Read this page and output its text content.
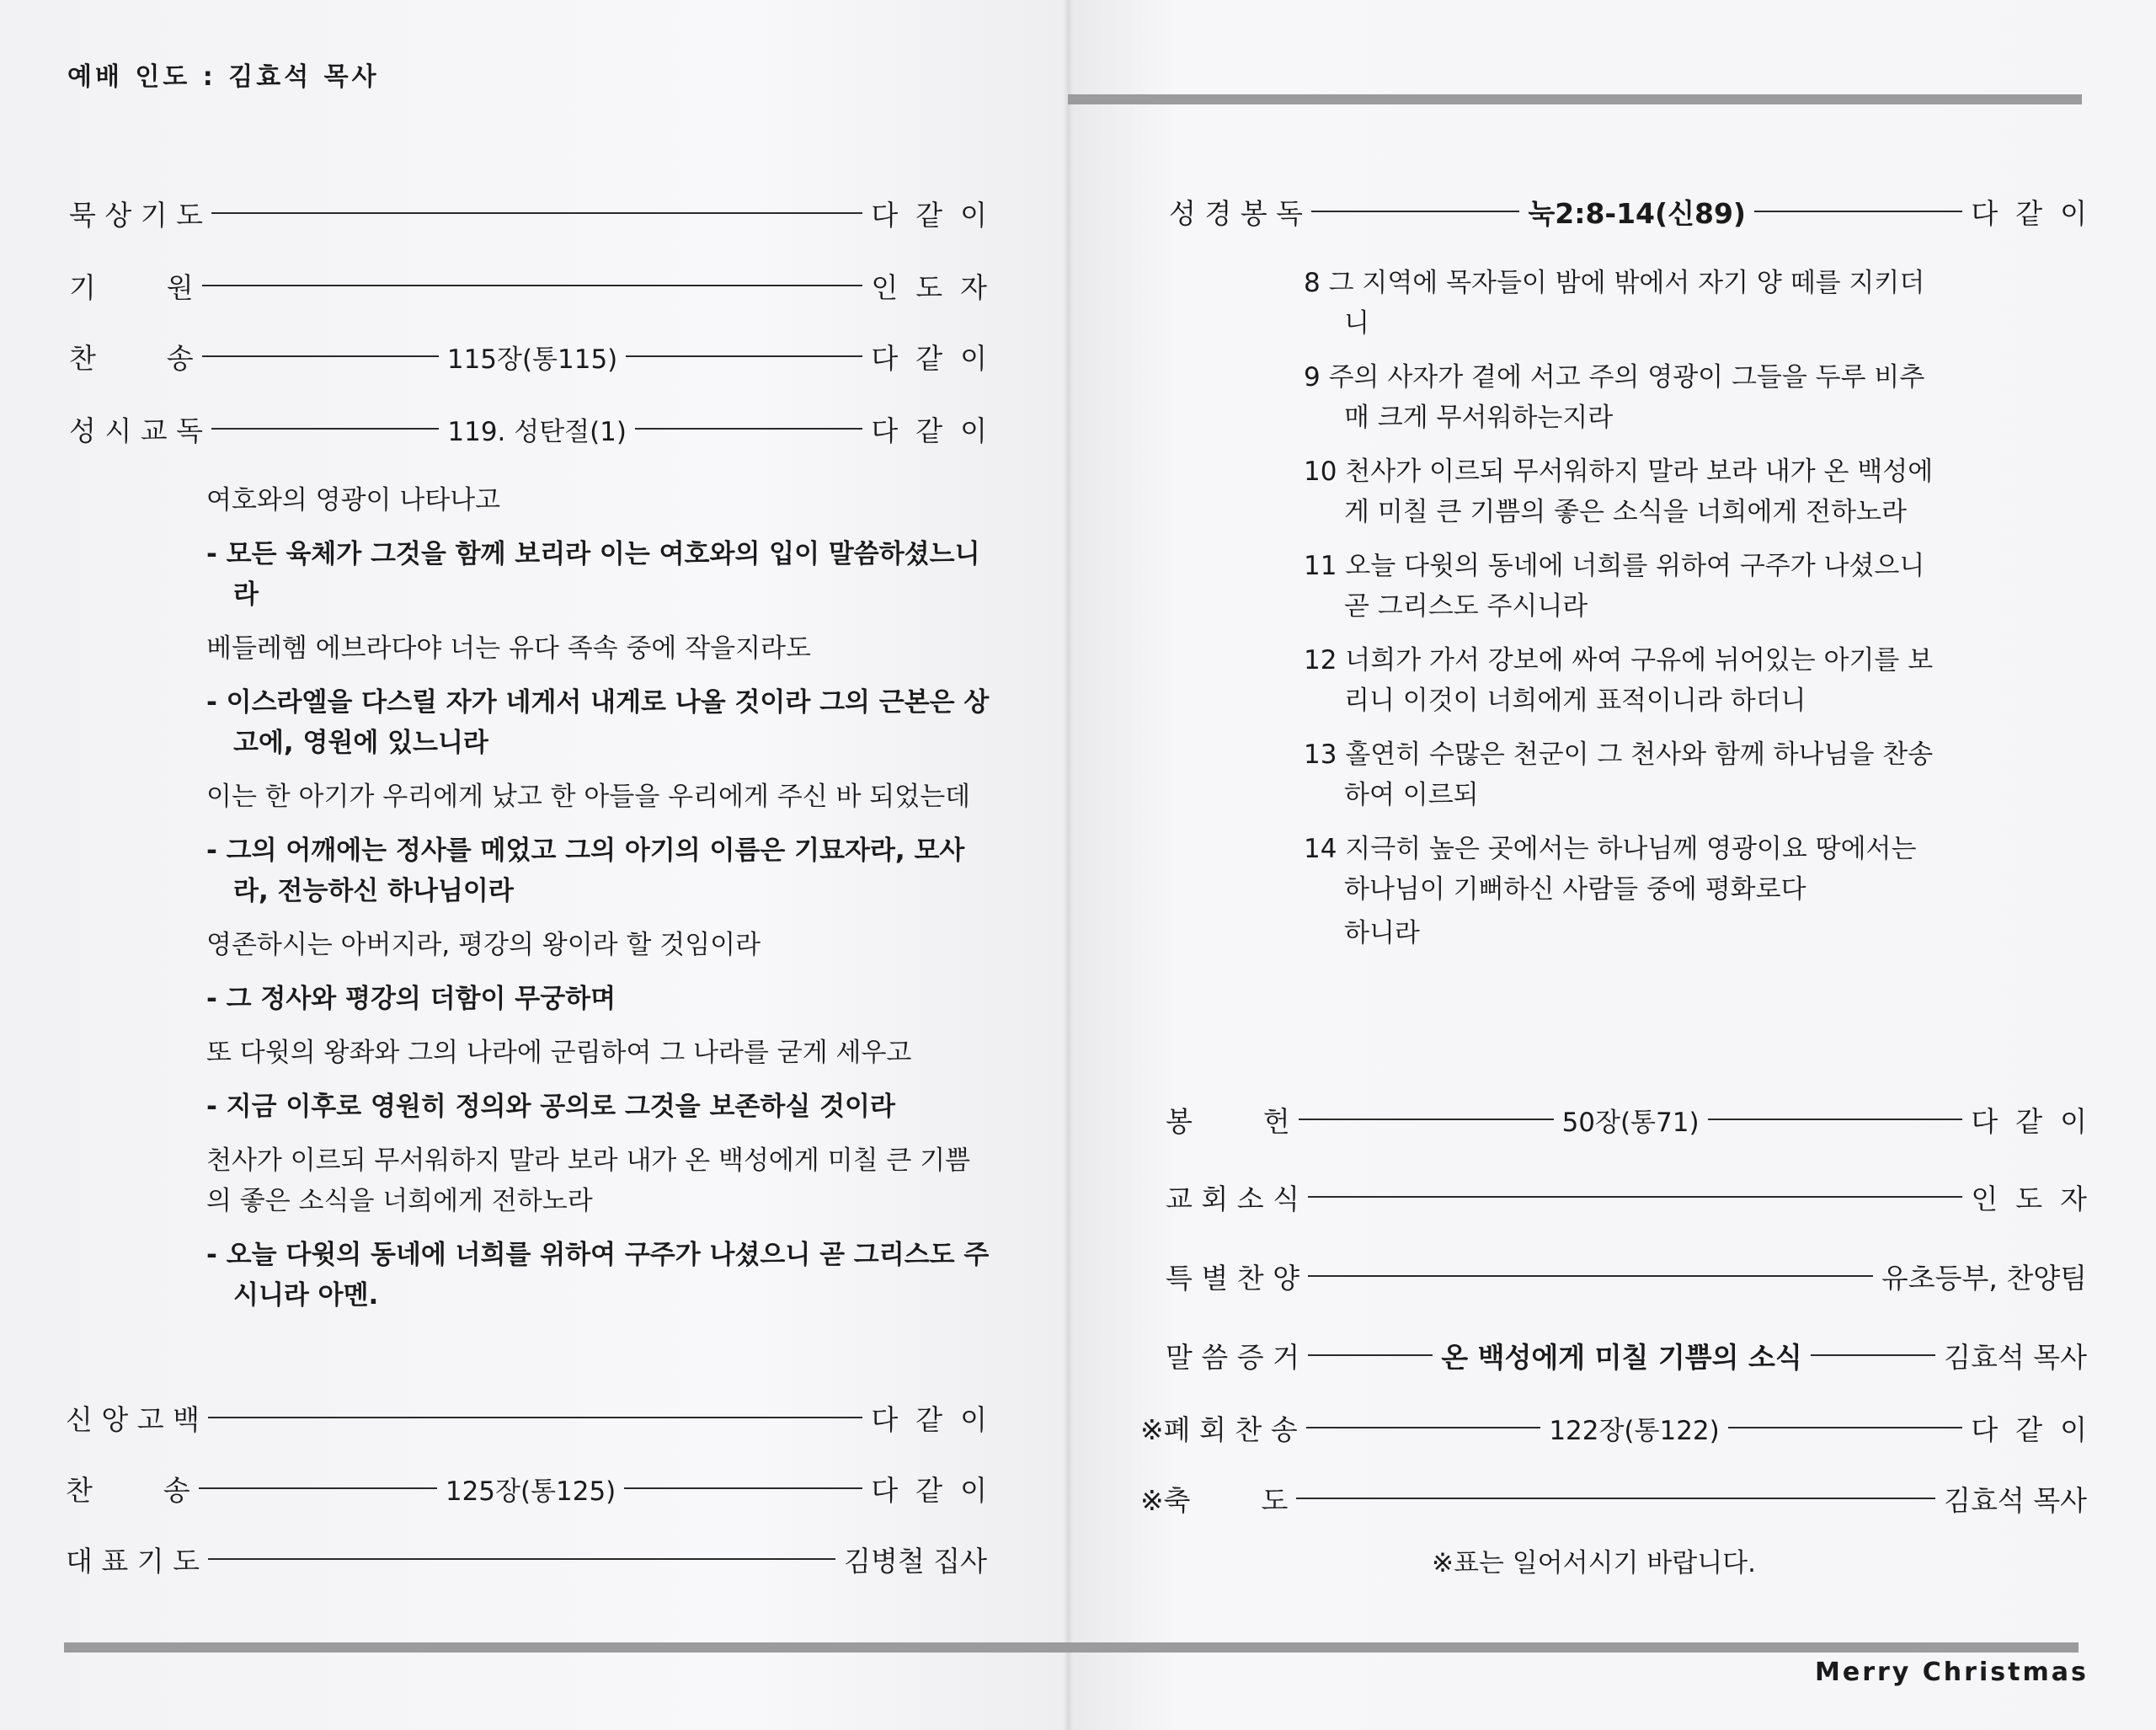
예배 인도 : 김효석 목사
Merry Christmas
묵 상 기 도	다  같  이
기        원	인  도  자
찬        송	115장(통115)	다  같  이
성 시 교 독	119. 성탄절(1)	다  같  이

여호와의 영광이 나타나고

- 모든 육체가 그것을 함께 보리라 이는 여호와의 입이 말씀하셨느니라

베들레헴 에브라다야 너는 유다 족속 중에 작을지라도

- 이스라엘을 다스릴 자가 네게서 내게로 나올 것이라 그의 근본은 상고에, 영원에 있느니라

이는 한 아기가 우리에게 났고 한 아들을 우리에게 주신 바 되었는데

- 그의 어깨에는 정사를 메었고 그의 아기의 이름은 기묘자라, 모사라, 전능하신 하나님이라

영존하시는 아버지라, 평강의 왕이라 할 것임이라

- 그 정사와 평강의 더함이 무궁하며

또 다윗의 왕좌와 그의 나라에 군림하여 그 나라를 굳게 세우고

- 지금 이후로 영원히 정의와 공의로 그것을 보존하실 것이라

천사가 이르되 무서워하지 말라 보라 내가 온 백성에게 미칠 큰 기쁨의 좋은 소식을 너희에게 전하노라

- 오늘 다윗의 동네에 너희를 위하여 구주가 나셨으니 곧 그리스도 주시니라 아멘.

신 앙 고 백	다  같  이
찬        송	125장(통125)	다  같  이
대 표 기 도	김병철 집사
성 경 봉 독	눅2:8-14(신89)	다  같  이

8 그 지역에 목자들이 밤에 밖에서 자기 양 떼를 지키더니

9 주의 사자가 곁에 서고 주의 영광이 그들을 두루 비추매 크게 무서워하는지라

10 천사가 이르되 무서워하지 말라 보라 내가 온 백성에게 미칠 큰 기쁨의 좋은 소식을 너희에게 전하노라

11 오늘 다윗의 동네에 너희를 위하여 구주가 나셨으니 곧 그리스도 주시니라

12 너희가 가서 강보에 싸여 구유에 뉘어있는 아기를 보리니 이것이 너희에게 표적이니라 하더니

13 홀연히 수많은 천군이 그 천사와 함께 하나님을 찬송하여 이르되

14 지극히 높은 곳에서는 하나님께 영광이요 땅에서는 하나님이 기뻐하신 사람들 중에 평화로다

하니라

봉        헌	50장(통71)	다  같  이
교 회 소 식	인  도  자
특 별 찬 양	유초등부, 찬양팀
말 씀 증 거	온 백성에게 미칠 기쁨의 소식	김효석 목사
※폐 회 찬 송	122장(통122)	다  같  이
※축        도	김효석 목사
※표는 일어서시기 바랍니다.
